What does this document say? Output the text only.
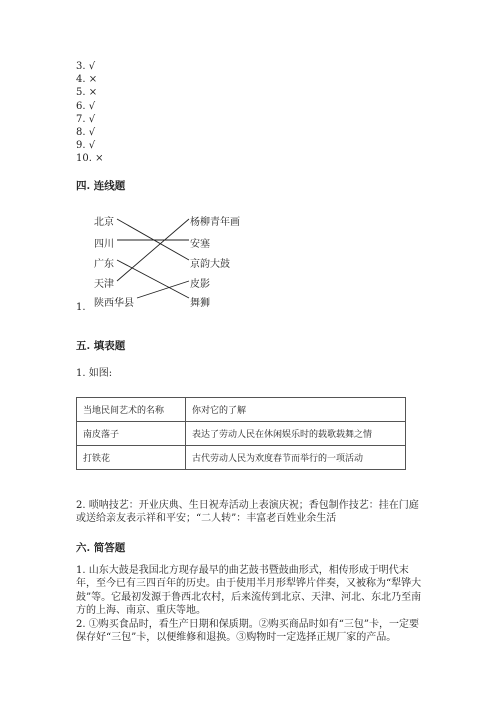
3. √
4. ×
5. ×
6. √
7. √
8. √
9. √
10. ×
四. 连线题
北京
四川
广东
天津
陕西华县
杨柳青年画
安塞
京韵大鼓
皮影
舞狮
1.
五. 填表题
1. 如图:
当地民间艺术的名称	你对它的了解
南皮落子	表达了劳动人民在休闲娱乐时的载歌载舞之情
打铁花	古代劳动人民为欢度春节而举行的一项活动

2. 唢呐技艺：开业庆典、生日祝寿活动上表演庆祝；香包制作技艺：挂在门庭或送给亲友表示祥和平安；“二人转”：丰富老百姓业余生活

六. 简答题

1. 山东大鼓是我国北方现存最早的曲艺鼓书暨鼓曲形式，相传形成于明代末年，至今已有三四百年的历史。由于使用半月形犁铧片伴奏，又被称为“犁铧大鼓”等。它最初发源于鲁西北农村，后来流传到北京、天津、河北、东北乃至南方的上海、南京、重庆等地。

2. ①购买食品时，看生产日期和保质期。②购买商品时如有“三包”卡，一定要保存好“三包”卡，以便维修和退换。③购物时一定选择正规厂家的产品。
